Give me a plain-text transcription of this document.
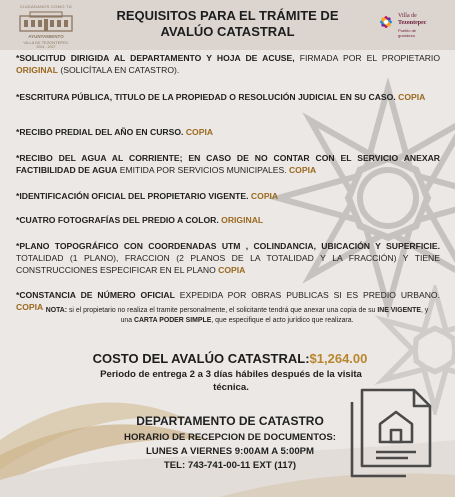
CIUDADANOS COMO TÚ
AYUNTAMIENTO
VILLA DE TEZONTEPEC
2024 - 2027
REQUISITOS PARA EL TRÁMITE DE
AVALÚO CATASTRAL
Villa de
Tezontepec
Pueblo de
grandeza
*SOLICITUD DIRIGIDA AL DEPARTAMENTO Y HOJA DE ACUSE, FIRMADA POR EL PROPIETARIO ORIGINAL (SOLICÍTALA EN CATASTRO).
*ESCRITURA PÚBLICA, TITULO DE LA PROPIEDAD O RESOLUCIÓN JUDICIAL EN SU CASO. COPIA
*RECIBO PREDIAL DEL AÑO EN CURSO. COPIA
*RECIBO DEL AGUA AL CORRIENTE; EN CASO DE NO CONTAR CON EL SERVICIO ANEXAR FACTIBILIDAD DE AGUA EMITIDA POR SERVICIOS MUNICIPALES. COPIA
*IDENTIFICACIÓN OFICIAL DEL PROPIETARIO VIGENTE. COPIA
*CUATRO FOTOGRAFÍAS DEL PREDIO A COLOR. ORIGINAL
*PLANO TOPOGRÁFICO CON COORDENADAS UTM , COLINDANCIA, UBICACIÓN Y SUPERFICIE. TOTALIDAD (1 PLANO), FRACCION (2 PLANOS DE LA TOTALIDAD Y LA FRACCIÓN) Y TIENE CONSTRUCCIONES ESPECIFICAR EN EL PLANO COPIA
*CONSTANCIA DE NÚMERO OFICIAL EXPEDIDA POR OBRAS PUBLICAS SI ES PREDIO URBANO. COPIA NOTA: si el propietario no realiza el tramite personalmente, el solicitante tendrá que anexar una copia de su INE VIGENTE, y una CARTA PODER SIMPLE, que especifique el acto jurídico que realizara.
COSTO DEL AVALÚO CATASTRAL:$1,264.00
Periodo de entrega 2 a 3 días hábiles después de la visita técnica.
DEPARTAMENTO DE CATASTRO
HORARIO DE RECEPCION DE DOCUMENTOS:
LUNES A VIERNES 9:00AM A 5:00PM
TEL: 743-741-00-11 EXT (117)
